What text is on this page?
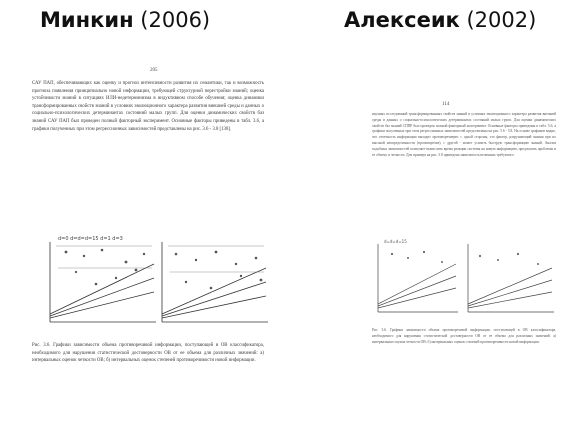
Минкин (2006)	Алексеик (2002)
205
САУ ПАП, обеспечивающих как оценку и прогноз интенсивности развития их семантики, так и возможность прогноза появления принципиально новой информации, требующей структурной перестройки знаний; оценка устойчивости знаний в ситуациях ИЛИ-недетерминизма в индуктивном способе обучения; оценка динамики трансформированных свойств знаний в условиях эволюционного характера развития внешней среды и данных о социально-психологических детерминантах состояний малых групп. Для оценки динамических свойств баз знаний САУ ПАП был проведен полный факторный эксперимент. Основные факторы приведены в табл. 3.6, а графики полученных при этом регрессионных зависимостей представлены на рис. 3.6 - 3.8 [138].
d=0 d=d=d=15 d=1 d=3
Рис. 3.6. Графики зависимости объема противоречивой информации, поступающей в ОВ классификатора, необходимого для нарушения статистической достоверности ОВ от ее объема для различных значений: а) интервальных оценок четкости ОВ; б) интервальных оценок степеней противоречивости новой информации.
114
научных исследований трансформированных свойств знаний в условиях эволюционного характера развития внешней среды и данных о социально-психологических детерминантах состояний малых групп. Для оценки динамических свойств баз знаний СППР был проведен полный факторный эксперимент. Основные факторы приведены в табл. 5.6, а графики полученных при этом регрессионных зависимостей представлены на рис. 5.6 - 5.8. На основе графиков видно, что отчетность информации выходит противоречивую: с одной стороны, это фактор, разрушающий знания при их высокой неопределенности (противоречие), с другой - может усилить быструю трансформацию знаний. Анализ подобных зависимостей позволяет вычислить время реакции системы на новую информацию, предсказать проблемы и ее объему и четкости. Для примера на рис. 3.8 приведена зависимость величины требуемого
d=d=d=15
Рис. 3.6. Графики зависимости объема противоречивой информации, поступающей в ОВ классификатора, необходимого для нарушения статистической достоверности ОВ от ее объема для различных значений: а) интервальных оценок четкости ОВ; б) интервальных оценок степеней противоречивости новой информации.
